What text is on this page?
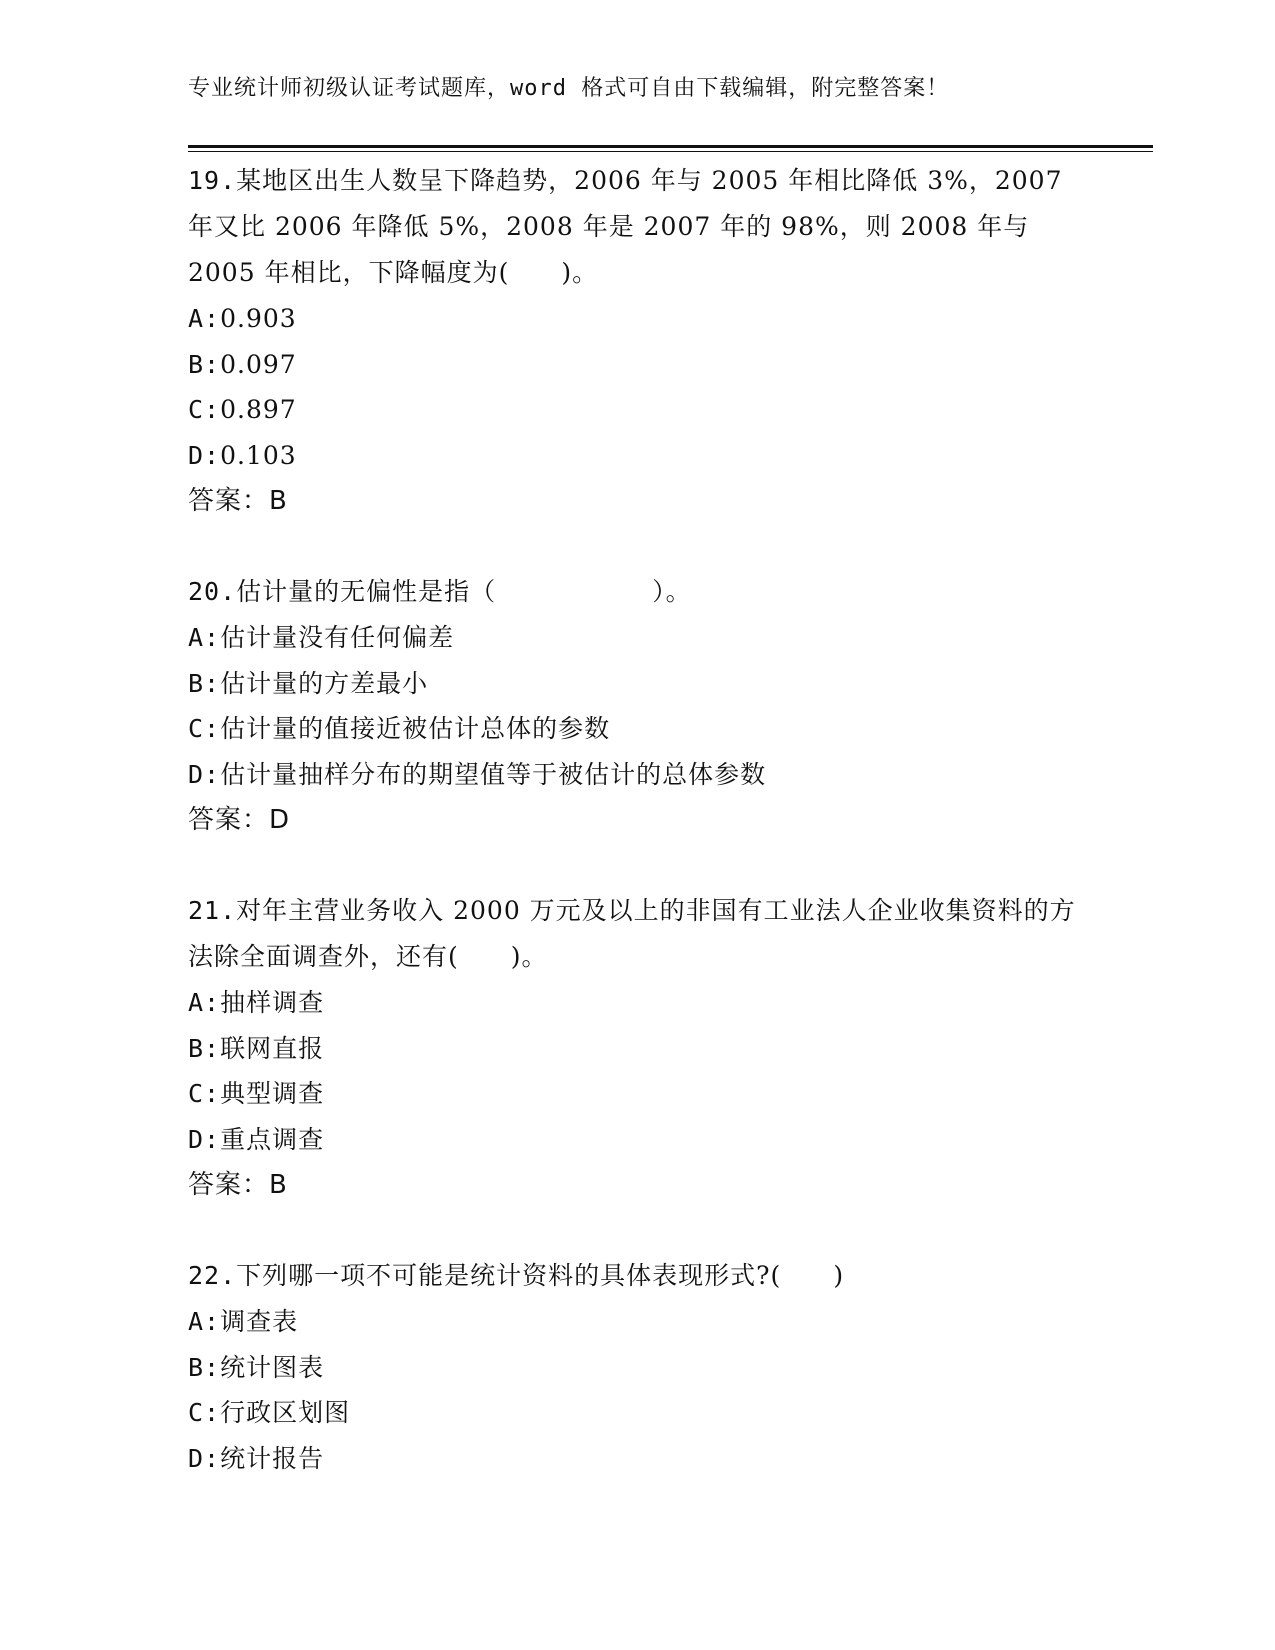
专业统计师初级认证考试题库，word 格式可自由下载编辑，附完整答案！
19.某地区出生人数呈下降趋势，2006 年与 2005 年相比降低 3%，2007 年又比 2006 年降低 5%，2008 年是 2007 年的 98%，则 2008 年与 2005 年相比，下降幅度为(　　)。
A:0.903
B:0.097
C:0.897
D:0.103
答案：B
20.估计量的无偏性是指（　　　　　　）。
A:估计量没有任何偏差
B:估计量的方差最小
C:估计量的值接近被估计总体的参数
D:估计量抽样分布的期望值等于被估计的总体参数
答案：D
21.对年主营业务收入 2000 万元及以上的非国有工业法人企业收集资料的方法除全面调查外，还有(　　)。
A:抽样调查
B:联网直报
C:典型调查
D:重点调查
答案：B
22.下列哪一项不可能是统计资料的具体表现形式?(　　)
A:调查表
B:统计图表
C:行政区划图
D:统计报告
